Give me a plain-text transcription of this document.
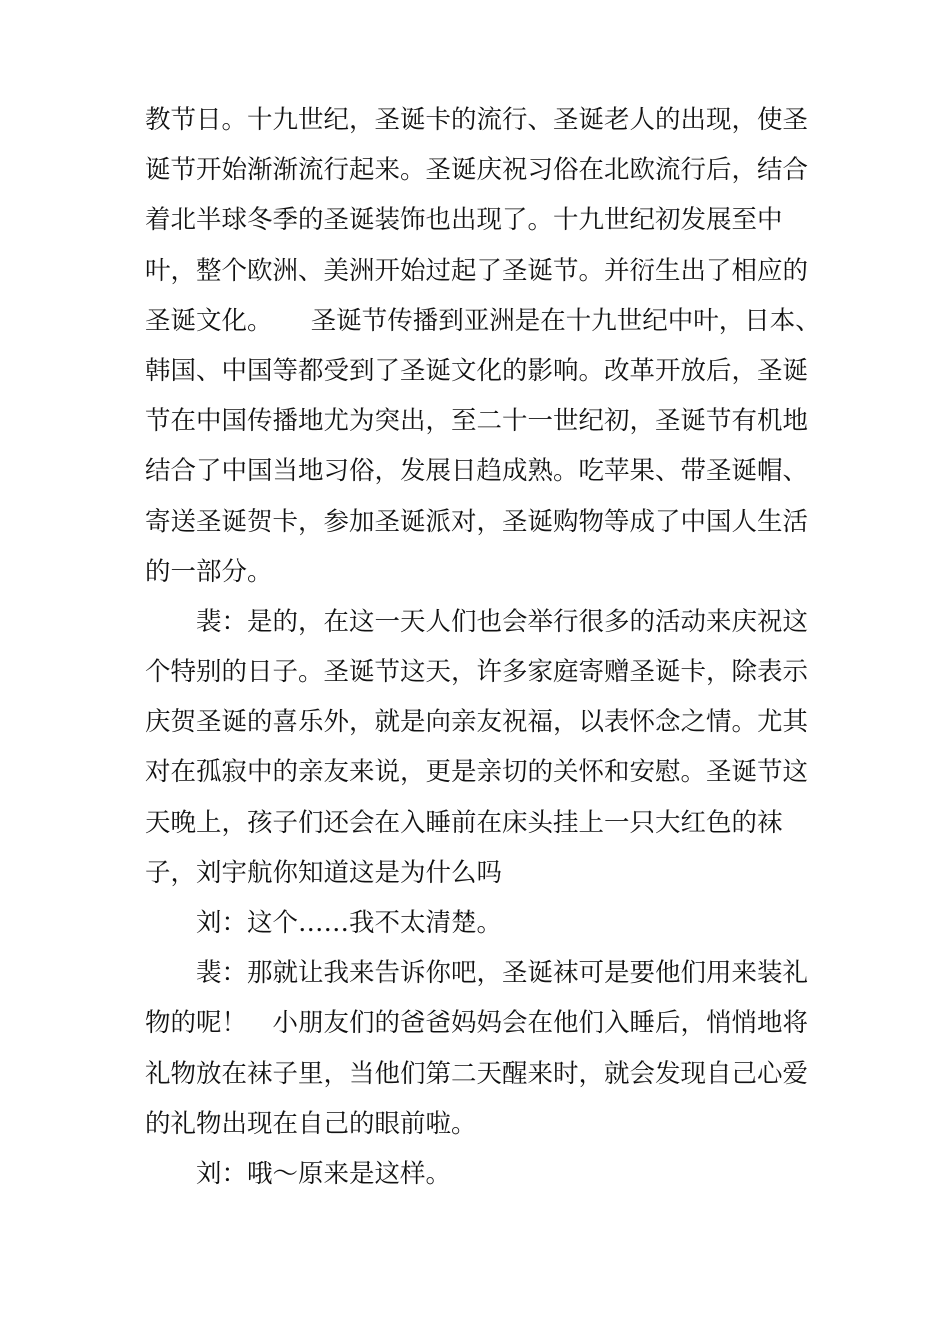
教节日。十九世纪，圣诞卡的流行、圣诞老人的出现，使圣
诞节开始渐渐流行起来。圣诞庆祝习俗在北欧流行后，结合
着北半球冬季的圣诞装饰也出现了。十九世纪初发展至中
叶，整个欧洲、美洲开始过起了圣诞节。并衍生出了相应的
圣诞文化。　　圣诞节传播到亚洲是在十九世纪中叶，日本、
韩国、中国等都受到了圣诞文化的影响。改革开放后，圣诞
节在中国传播地尤为突出，至二十一世纪初，圣诞节有机地
结合了中国当地习俗，发展日趋成熟。吃苹果、带圣诞帽、
寄送圣诞贺卡，参加圣诞派对，圣诞购物等成了中国人生活
的一部分。
　　裴：是的，在这一天人们也会举行很多的活动来庆祝这
个特别的日子。圣诞节这天，许多家庭寄赠圣诞卡，除表示
庆贺圣诞的喜乐外，就是向亲友祝福，以表怀念之情。尤其
对在孤寂中的亲友来说，更是亲切的关怀和安慰。圣诞节这
天晚上，孩子们还会在入睡前在床头挂上一只大红色的袜
子，刘宇航你知道这是为什么吗
　　刘：这个……我不太清楚。
　　裴：那就让我来告诉你吧，圣诞袜可是要他们用来装礼
物的呢！　小朋友们的爸爸妈妈会在他们入睡后，悄悄地将
礼物放在袜子里，当他们第二天醒来时，就会发现自己心爱
的礼物出现在自己的眼前啦。
　　刘：哦～原来是这样。
